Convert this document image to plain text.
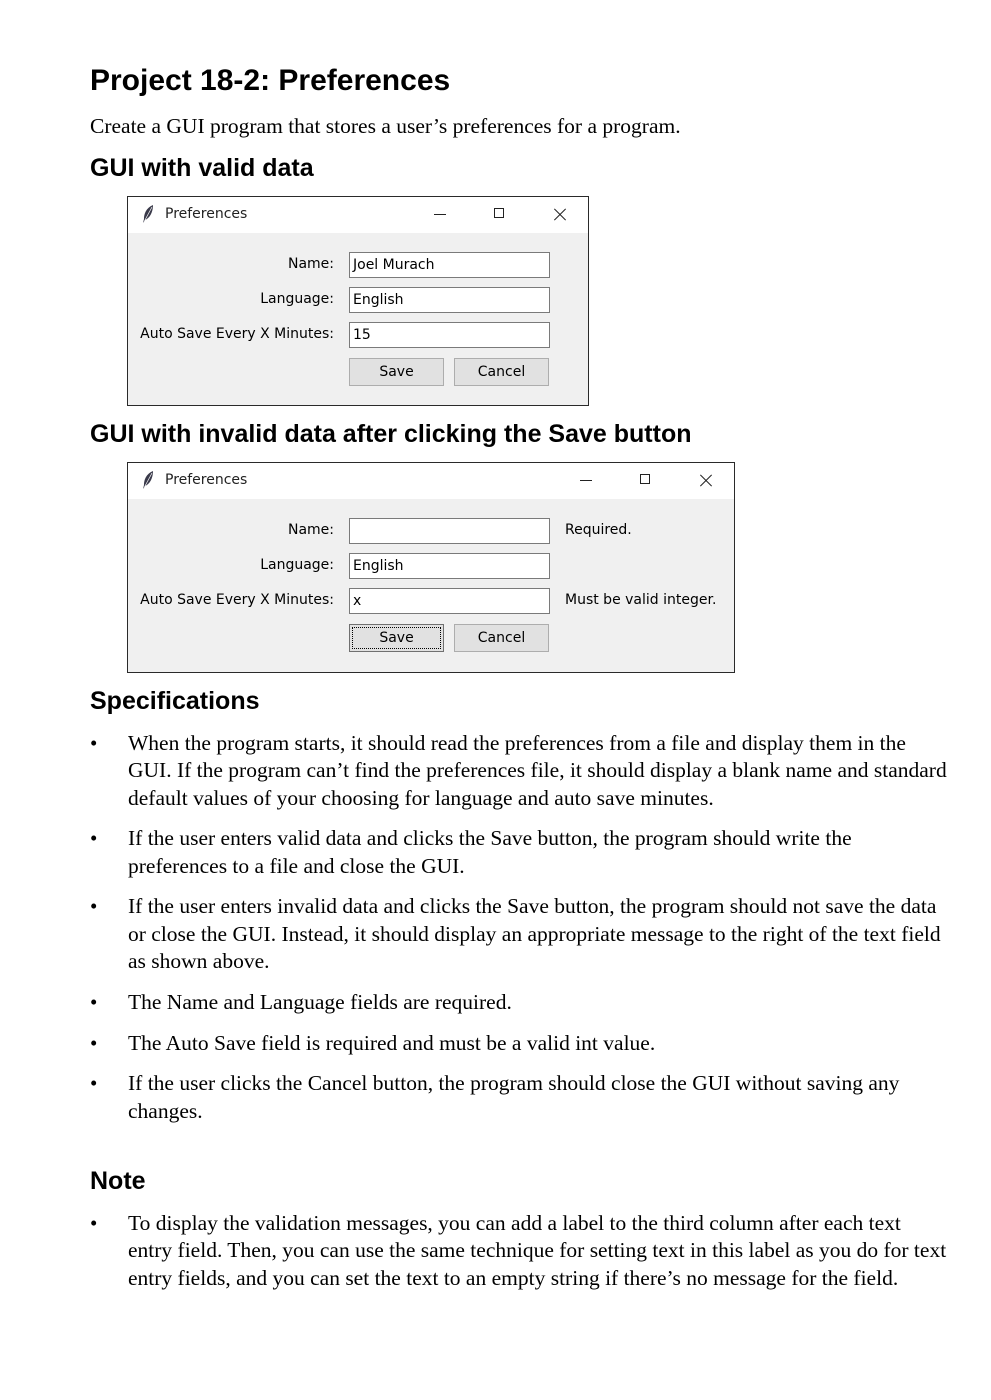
Project 18-2: Preferences

Create a GUI program that stores a user’s preferences for a program.

GUI with valid data
Preferences
Name: Joel Murach
Language: English
Auto Save Every X Minutes: 15
Save	Cancel
GUI with invalid data after clicking the Save button
Preferences
Name:	Required.
Language: English
Auto Save Every X Minutes: x	Must be valid integer.
Save	Cancel
Specifications
• When the program starts, it should read the preferences from a file and display them in the GUI. If the program can’t find the preferences file, it should display a blank name and standard default values of your choosing for language and auto save minutes.
• If the user enters valid data and clicks the Save button, the program should write the preferences to a file and close the GUI.
• If the user enters invalid data and clicks the Save button, the program should not save the data or close the GUI. Instead, it should display an appropriate message to the right of the text field as shown above.
• The Name and Language fields are required.
• The Auto Save field is required and must be a valid int value.
• If the user clicks the Cancel button, the program should close the GUI without saving any changes.
Note
• To display the validation messages, you can add a label to the third column after each text entry field. Then, you can use the same technique for setting text in this label as you do for text entry fields, and you can set the text to an empty string if there’s no message for the field.
